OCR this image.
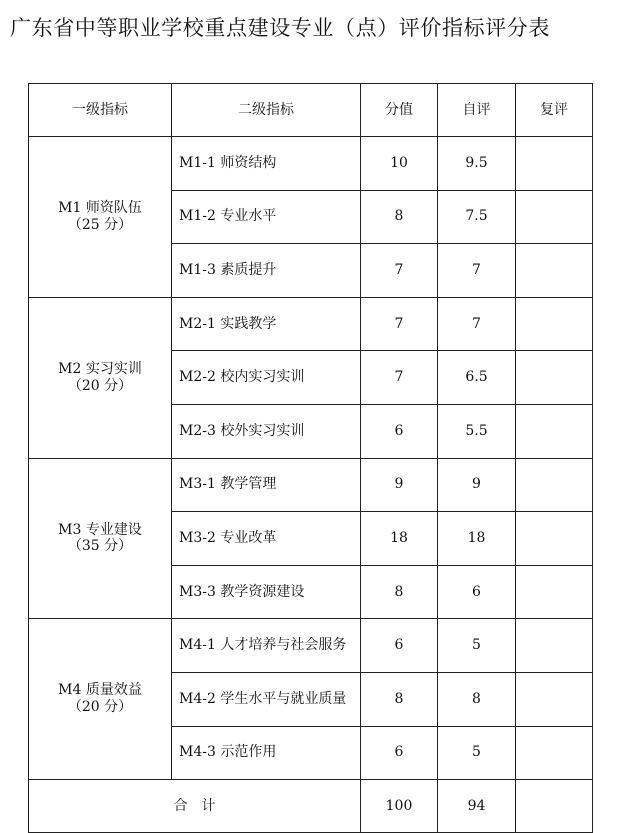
广东省中等职业学校重点建设专业（点）评价指标评分表
一级指标	二级指标	分值	自评	复评

M1 师资队伍
（25 分）	M1-1 师资结构	10	9.5	
	M1-2 专业水平	8	7.5	
	M1-3 素质提升	7	7	

M2 实习实训
（20 分）	M2-1 实践教学	7	7	
	M2-2 校内实习实训	7	6.5	
	M2-3 校外实习实训	6	5.5	

M3 专业建设
（35 分）	M3-1 教学管理	9	9	
	M3-2 专业改革	18	18	
	M3-3 教学资源建设	8	6	

M4 质量效益
（20 分）	M4-1 人才培养与社会服务	6	5	
	M4-2 学生水平与就业质量	8	8	
	M4-3 示范作用	6	5	
合　计		100	94	
